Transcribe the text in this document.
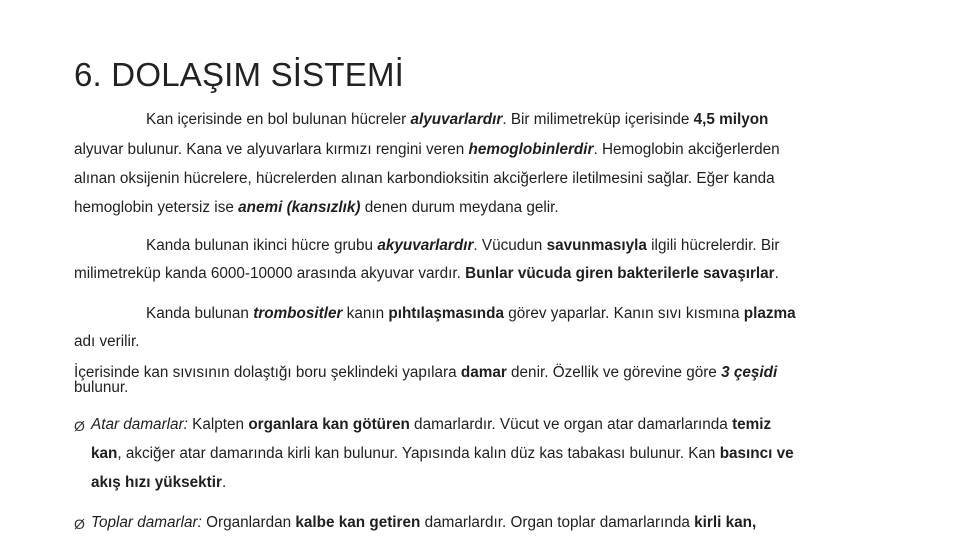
6. DOLAŞIM SİSTEMİ
Kan içerisinde en bol bulunan hücreler alyuvarlardır. Bir milimetreküp içerisinde 4,5 milyon
alyuvar bulunur. Kana ve alyuvarlara kırmızı rengini veren hemoglobinlerdir. Hemoglobin akciğerlerden
alınan oksijenin hücrelere, hücrelerden alınan karbondioksitin akciğerlere iletilmesini sağlar. Eğer kanda
hemoglobin yetersiz ise anemi (kansızlık) denen durum meydana gelir.
Kanda bulunan ikinci hücre grubu akyuvarlardır. Vücudun savunmasıyla ilgili hücrelerdir. Bir
milimetreküp kanda 6000-10000 arasında akyuvar vardır. Bunlar vücuda giren bakterilerle savaşırlar.
Kanda bulunan trombositler kanın pıhtılaşmasında görev yaparlar. Kanın sıvı kısmına plazma
adı verilir.
İçerisinde kan sıvısının dolaştığı boru şeklindeki yapılara damar denir. Özellik ve görevine göre 3 çeşidi
bulunur.
Ø Atar damarlar: Kalpten organlara kan götüren damarlardır. Vücut ve organ atar damarlarında temiz
kan, akciğer atar damarında kirli kan bulunur. Yapısında kalın düz kas tabakası bulunur. Kan basıncı ve
akış hızı yüksektir.
Ø Toplar damarlar: Organlardan kalbe kan getiren damarlardır. Organ toplar damarlarında kirli kan,
